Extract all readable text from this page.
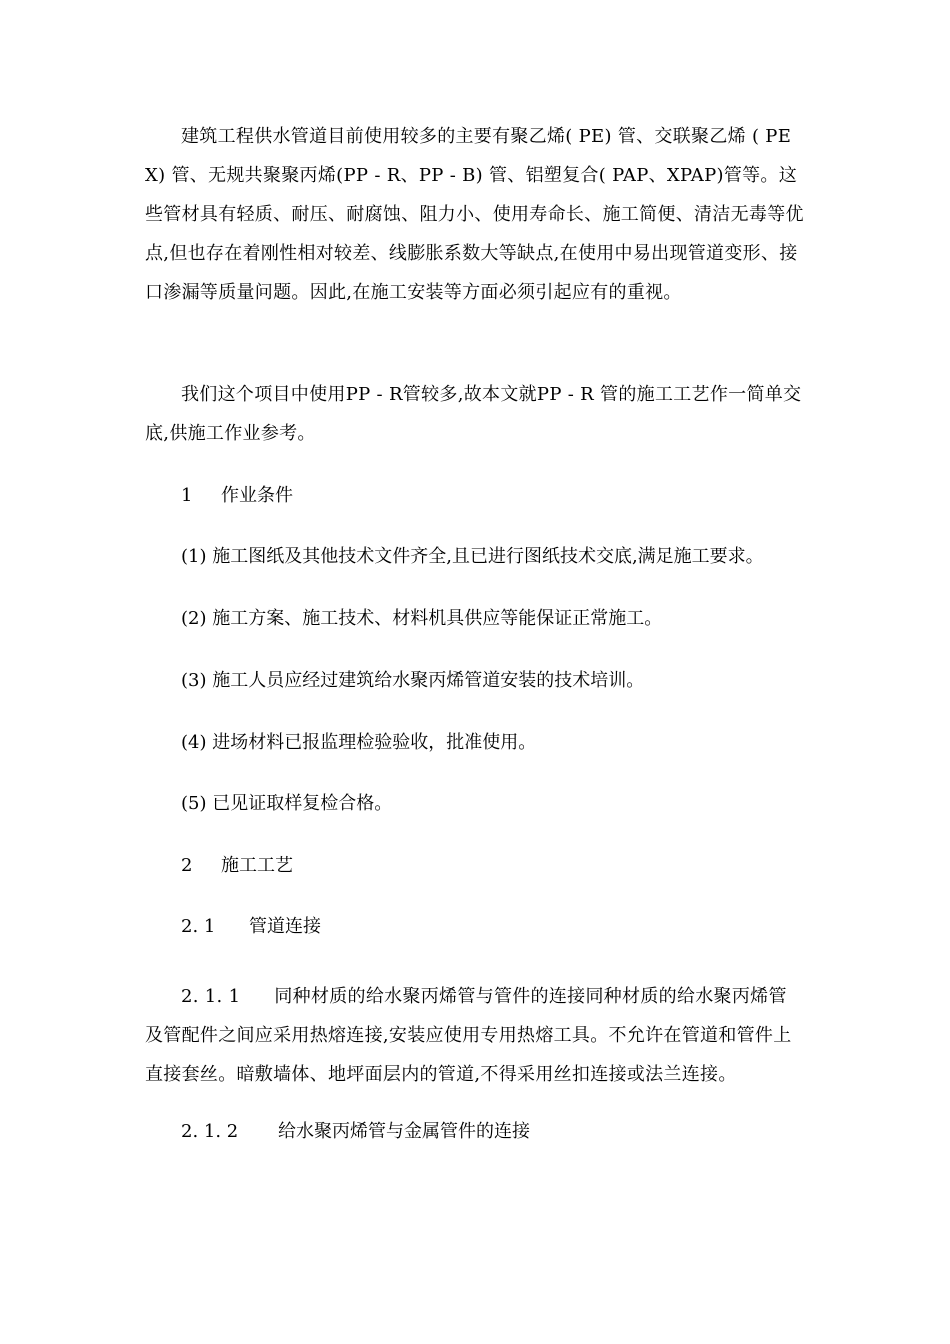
建筑工程供水管道目前使用较多的主要有聚乙烯( PE) 管、交联聚乙烯 ( PEX) 管、无规共聚聚丙烯(PP - R、PP - B) 管、铝塑复合( PAP、XPAP)管等。这些管材具有轻质、耐压、耐腐蚀、阻力小、使用寿命长、施工简便、清洁无毒等优点,但也存在着刚性相对较差、线膨胀系数大等缺点,在使用中易出现管道变形、接口渗漏等质量问题。因此,在施工安装等方面必须引起应有的重视。

我们这个项目中使用PP - R管较多,故本文就PP - R 管的施工工艺作一简单交底,供施工作业参考。

1 作业条件
(1) 施工图纸及其他技术文件齐全,且已进行图纸技术交底,满足施工要求。
(2) 施工方案、施工技术、材料机具供应等能保证正常施工。
(3) 施工人员应经过建筑给水聚丙烯管道安装的技术培训。
(4) 进场材料已报监理检验验收，批准使用。
(5) 已见证取样复检合格。
2 施工工艺
2. 1 管道连接
2. 1. 1 同种材质的给水聚丙烯管与管件的连接同种材质的给水聚丙烯管及管配件之间应采用热熔连接,安装应使用专用热熔工具。不允许在管道和管件上直接套丝。暗敷墙体、地坪面层内的管道,不得采用丝扣连接或法兰连接。
2. 1. 2 给水聚丙烯管与金属管件的连接
